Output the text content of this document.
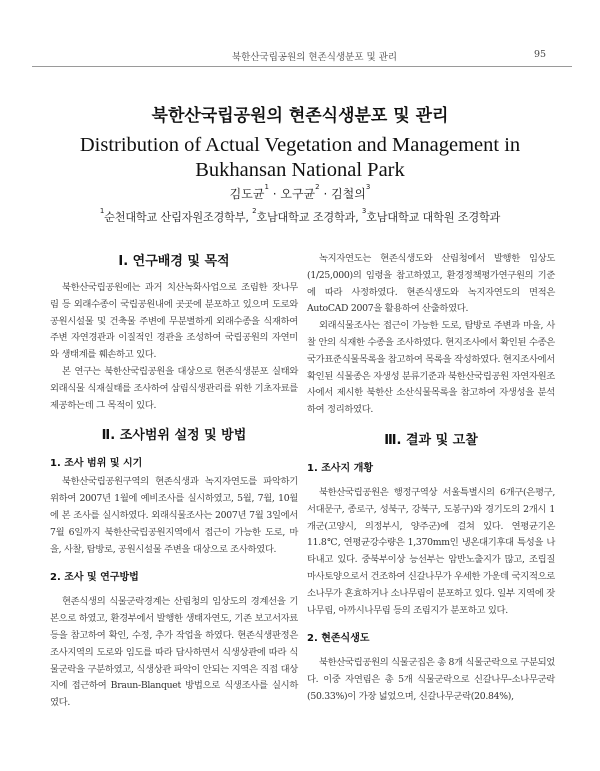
북한산국립공원의 현존식생분포 및 관리	95
북한산국립공원의 현존식생분포 및 관리
Distribution of Actual Vegetation and Management in Bukhansan National Park
김도균$^1$ · 오구균$^2$ · 김철의$^3$
$^1$순천대학교 산림자원조경학부, $^2$호남대학교 조경학과, $^3$호남대학교 대학원 조경학과
Ⅰ. 연구배경 및 목적

북한산국립공원에는 과거 치산녹화사업으로 조림한 잣나무림 등 외래수종이 국립공원내에 곳곳에 분포하고 있으며 도로와 공원시설물 및 건축물 주변에 무분별하게 외래수종을 식재하여 주변 자연경관과 이질적인 경관을 조성하여 국립공원의 자연미와 생태계를 훼손하고 있다.

본 연구는 북한산국립공원을 대상으로 현존식생분포 실태와 외래식물 식재실태를 조사하여 삼림식생관리를 위한 기초자료를 제공하는데 그 목적이 있다.

Ⅱ. 조사범위 설정 및 방법
1. 조사 범위 및 시기

북한산국립공원구역의 현존식생과 녹지자연도를 파악하기 위하여 2007년 1월에 예비조사를 실시하였고, 5월, 7월, 10월에 본 조사를 실시하였다. 외래식물조사는 2007년 7월 3일에서 7월 6일까지 북한산국립공원지역에서 접근이 가능한 도로, 마을, 사찰, 탐방로, 공원시설물 주변을 대상으로 조사하였다.

2. 조사 및 연구방법

현존식생의 식물군락경계는 산림청의 임상도의 경계선을 기본으로 하였고, 환경부에서 발행한 생태자연도, 기존 보고서자료 등을 참고하여 확인, 수정, 추가 작업을 하였다. 현존식생판정은 조사지역의 도로와 임도를 따라 답사하면서 식생상관에 따라 식물군락을 구분하였고, 식생상관 파악이 안되는 지역은 직접 대상지에 접근하여 Braun-Blanquet 방법으로 식생조사를 실시하였다.

녹지자연도는 현존식생도와 산림청에서 발행한 임상도(1/25,000)의 임령을 참고하였고, 환경정책평가연구원의 기준에 따라 사정하였다. 현존식생도와 녹지자연도의 면적은 AutoCAD 2007을 활용하여 산출하였다.

외래식물조사는 접근이 가능한 도로, 탐방로 주변과 마을, 사찰 안의 식재한 수종을 조사하였다. 현지조사에서 확인된 수종은 국가표준식물목록을 참고하여 목록을 작성하였다. 현지조사에서 확인된 식물종은 자생성 분류기준과 북한산국립공원 자연자원조사에서 제시한 북한산 소산식물목록을 참고하여 자생성을 분석하여 정리하였다.

Ⅲ. 결과 및 고찰
1. 조사지 개황

북한산국립공원은 행정구역상 서울특별시의 6개구(은평구, 서대문구, 종로구, 성북구, 강북구, 도봉구)와 경기도의 2개시 1개군(고양시, 의정부시, 양주군)에 걸쳐 있다. 연평균기온 11.8℃, 연평균강수량은 1,370mm인 냉온대기후대 특성을 나타내고 있다. 중북부이상 능선부는 암반노출지가 많고, 조립질 마사토양으로서 건조하여 신갈나무가 우세한 가운데 국지적으로 소나무가 혼효하거나 소나무림이 분포하고 있다. 일부 지역에 잣나무림, 아까시나무림 등의 조림지가 분포하고 있다.

2. 현존식생도

북한산국립공원의 식물군집은 총 8개 식물군락으로 구분되었다. 이중 자연림은 총 5개 식물군락으로 신갈나무-소나무군락(50.33%)이 가장 넓었으며, 신갈나무군락(20.84%),
